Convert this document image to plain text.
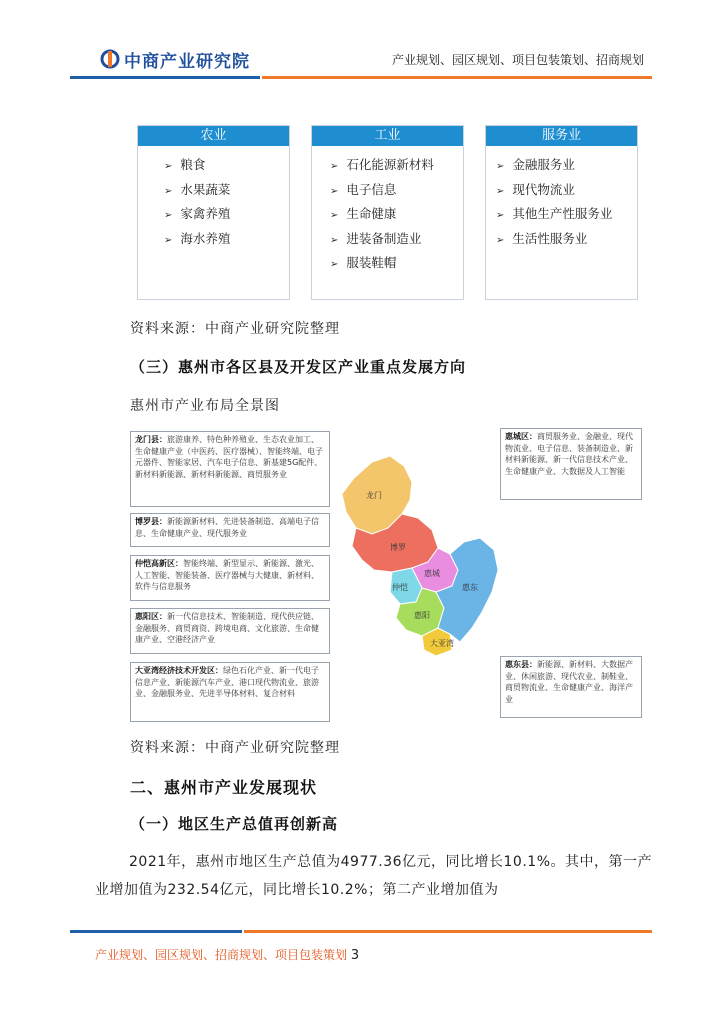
中商产业研究院	产业规划、园区规划、项目包装策划、招商规划
农业
➢ 粮食
➢ 水果蔬菜
➢ 家禽养殖
➢ 海水养殖
工业
➢ 石化能源新材料
➢ 电子信息
➢ 生命健康
➢ 进装备制造业
➢ 服装鞋帽
服务业
➢ 金融服务业
➢ 现代物流业
➢ 其他生产性服务业
➢ 生活性服务业
资料来源：中商产业研究院整理
（三）惠州市各区县及开发区产业重点发展方向
惠州市产业布局全景图
龙门县：旅游康养、特色种养殖业、生态农业加工、生命健康产业（中医药、医疗器械）、智能终端、电子元器件、智能家居、汽车电子信息、新基建5G配件、新材料新能源、新材料新能源、商贸服务业
博罗县：新能源新材料、先进装备制造、高端电子信息、生命健康产业、现代服务业
仲恺高新区：智能终端、新型显示、新能源、激光、人工智能、智能装备、医疗器械与大健康、新材料、软件与信息服务
惠阳区：新一代信息技术、智能制造、现代供应链、金融服务、商贸商资、跨境电商、文化旅游、生命健康产业、空港经济产业
大亚湾经济技术开发区：绿色石化产业、新一代电子信息产业、新能源汽车产业、港口现代物流业、旅游业、金融服务业、先进半导体材料、复合材料
惠城区：商贸服务业、金融业、现代物流业、电子信息、装备制造业、新材料新能源、新一代信息技术产业、生命健康产业、大数据及人工智能
惠东县：新能源、新材料、大数据产业、休闲旅游、现代农业、制鞋业、商贸物流业、生命健康产业、海洋产业
龙门
博罗
惠城
仲恺
惠阳
惠东
大亚湾
资料来源：中商产业研究院整理
二、惠州市产业发展现状
（一）地区生产总值再创新高
2021年，惠州市地区生产总值为4977.36亿元，同比增长10.1%。其中，第一产业增加值为232.54亿元，同比增长10.2%；第二产业增加值为
产业规划、园区规划、招商规划、项目包装策划 3
